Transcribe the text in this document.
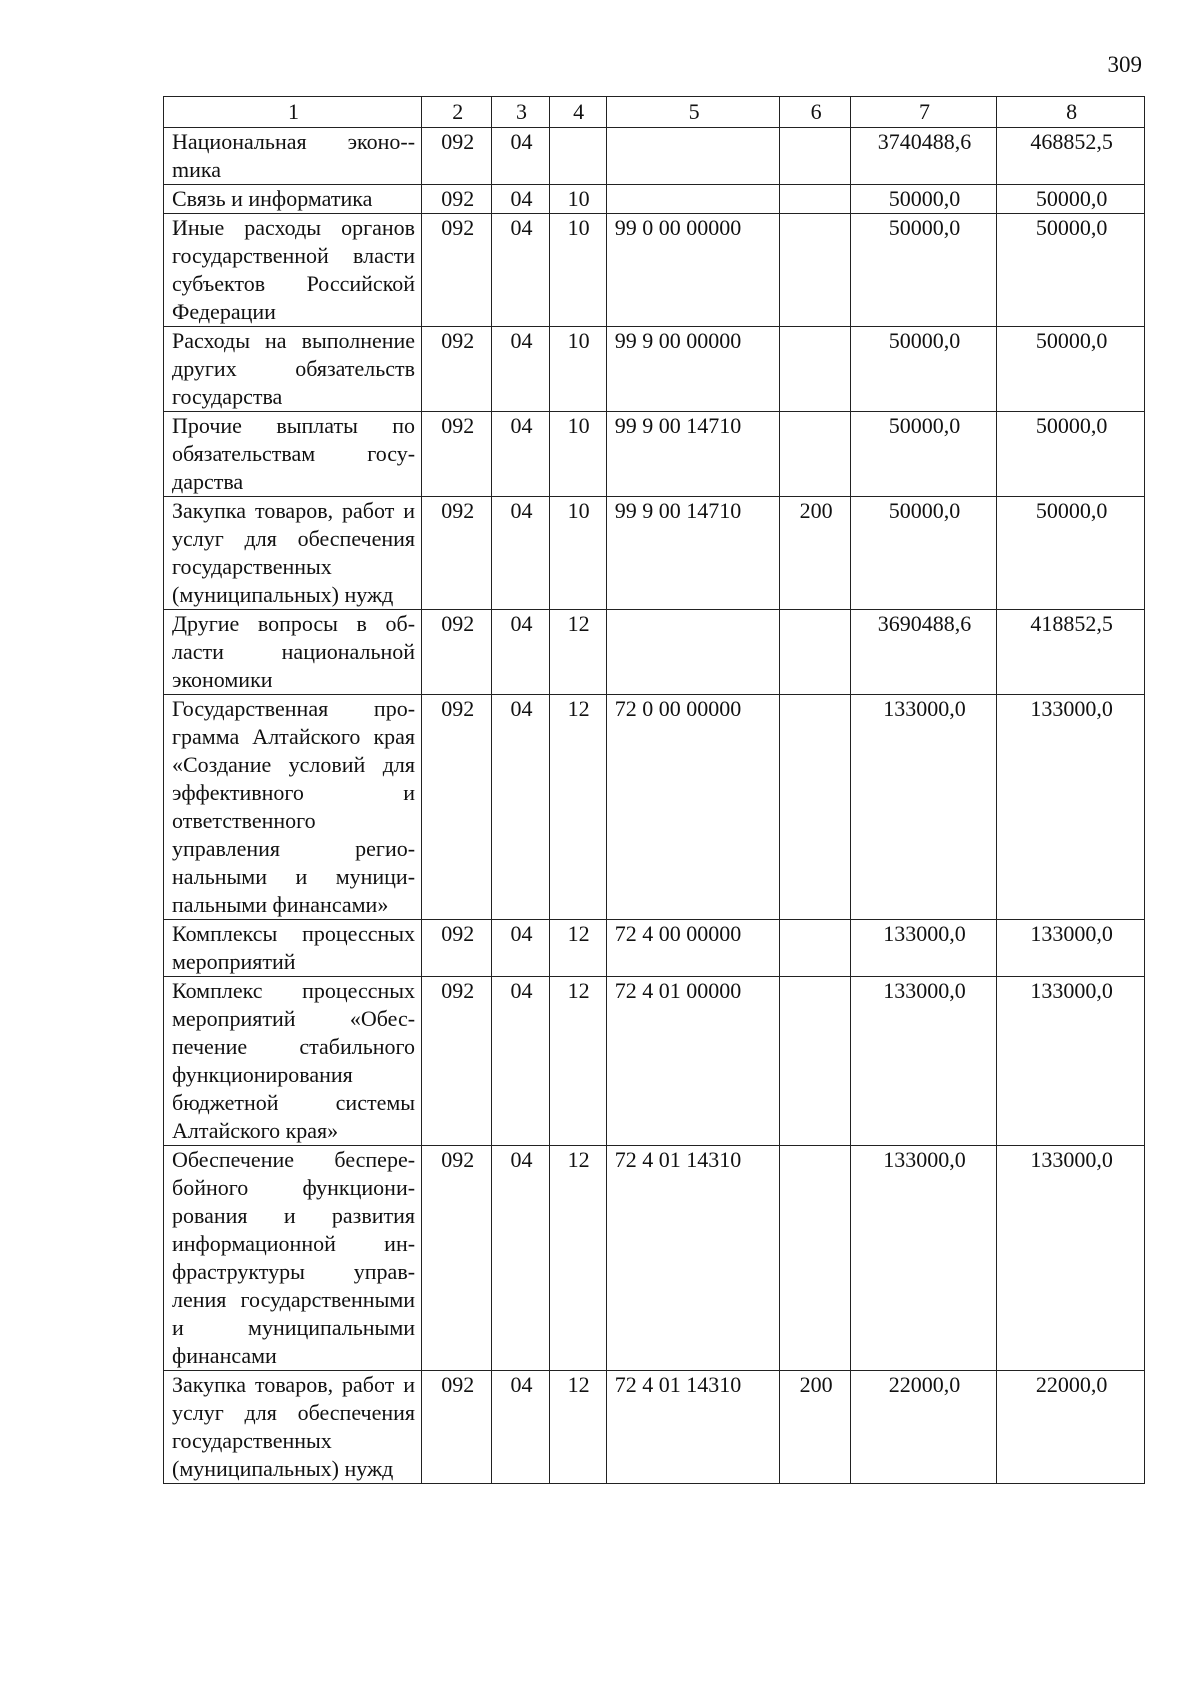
309
1	2	3	4	5	6	7	8
Национальная эконо-mика	092	04				3740488,6	468852,5
Связь и информатика	092	04	10			50000,0	50000,0
Иные расходы органов государственной власти субъектов Российской Федерации	092	04	10	99 0 00 00000		50000,0	50000,0
Расходы на выполнение других обязательств государства	092	04	10	99 9 00 00000		50000,0	50000,0
Прочие выплаты по обязательствам государства	092	04	10	99 9 00 14710		50000,0	50000,0
Закупка товаров, работ и услуг для обеспечения государственных (муниципальных) нужд	092	04	10	99 9 00 14710	200	50000,0	50000,0
Другие вопросы в области национальной экономики	092	04	12			3690488,6	418852,5
Государственная программа Алтайского края «Создание условий для эффективного и ответственного управления региональными и муниципальными финансами»	092	04	12	72 0 00 00000		133000,0	133000,0
Комплексы процессных мероприятий	092	04	12	72 4 00 00000		133000,0	133000,0
Комплекс процессных мероприятий «Обеспечение стабильного функционирования бюджетной системы Алтайского края»	092	04	12	72 4 01 00000		133000,0	133000,0
Обеспечение бесперебойного функционирования и развития информационной инфраструктуры управления государственными и муниципальными финансами	092	04	12	72 4 01 14310		133000,0	133000,0
Закупка товаров, работ и услуг для обеспечения государственных (муниципальных) нужд	092	04	12	72 4 01 14310	200	22000,0	22000,0
